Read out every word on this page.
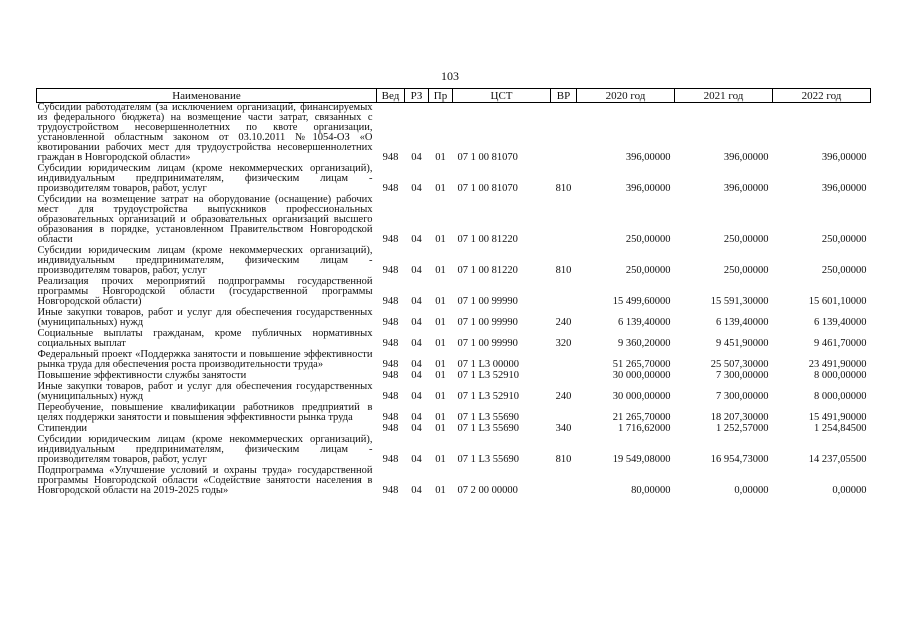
103
Наименование	Вед	РЗ	Пр	ЦСТ	ВР	2020 год	2021 год	2022 год
Субсидии работодателям (за исключением организаций, финансируемых из федерального бюджета) на возмещение части затрат, связанных с трудоустройством несовершеннолетних по квоте организации, установленной областным законом от 03.10.2011 №1054-ОЗ «О квотировании рабочих мест для трудоустройства несовершеннолетних граждан в Новгородской области»	948	04	01	07 1 00 81070		396,00000	396,00000	396,00000
Субсидии юридическим лицам (кроме некоммерческих организаций), индивидуальным предпринимателям, физическим лицам - производителям товаров, работ, услуг	948	04	01	07 1 00 81070	810	396,00000	396,00000	396,00000
Субсидии на возмещение затрат на оборудование (оснащение) рабочих мест для трудоустройства выпускников профессиональных образовательных организаций и образовательных организаций высшего образования в порядке, установленном Правительством Новгородской области	948	04	01	07 1 00 81220		250,00000	250,00000	250,00000
Субсидии юридическим лицам (кроме некоммерческих организаций), индивидуальным предпринимателям, физическим лицам - производителям товаров, работ, услуг	948	04	01	07 1 00 81220	810	250,00000	250,00000	250,00000
Реализация прочих мероприятий подпрограммы государственной программы Новгородской области (государственной программы Новгородской области)	948	04	01	07 1 00 99990		15 499,60000	15 591,30000	15 601,10000
Иные закупки товаров, работ и услуг для обеспечения государственных (муниципальных) нужд	948	04	01	07 1 00 99990	240	6 139,40000	6 139,40000	6 139,40000
Социальные выплаты гражданам, кроме публичных нормативных социальных выплат	948	04	01	07 1 00 99990	320	9 360,20000	9 451,90000	9 461,70000
Федеральный проект «Поддержка занятости и повышение эффективности рынка труда для обеспечения роста производительности труда»	948	04	01	07 1 L3 00000		51 265,70000	25 507,30000	23 491,90000
Повышение эффективности службы занятости	948	04	01	07 1 L3 52910		30 000,00000	7 300,00000	8 000,00000
Иные закупки товаров, работ и услуг для обеспечения государственных (муниципальных) нужд	948	04	01	07 1 L3 52910	240	30 000,00000	7 300,00000	8 000,00000
Переобучение, повышение квалификации работников предприятий в целях поддержки занятости и повышения эффективности рынка труда	948	04	01	07 1 L3 55690		21 265,70000	18 207,30000	15 491,90000
Стипендии	948	04	01	07 1 L3 55690	340	1 716,62000	1 252,57000	1 254,84500
Субсидии юридическим лицам (кроме некоммерческих организаций), индивидуальным предпринимателям, физическим лицам - производителям товаров, работ, услуг	948	04	01	07 1 L3 55690	810	19 549,08000	16 954,73000	14 237,05500
Подпрограмма «Улучшение условий и охраны труда» государственной программы Новгородской области «Содействие занятости населения в Новгородской области на 2019-2025 годы»	948	04	01	07 2 00 00000		80,00000	0,00000	0,00000
